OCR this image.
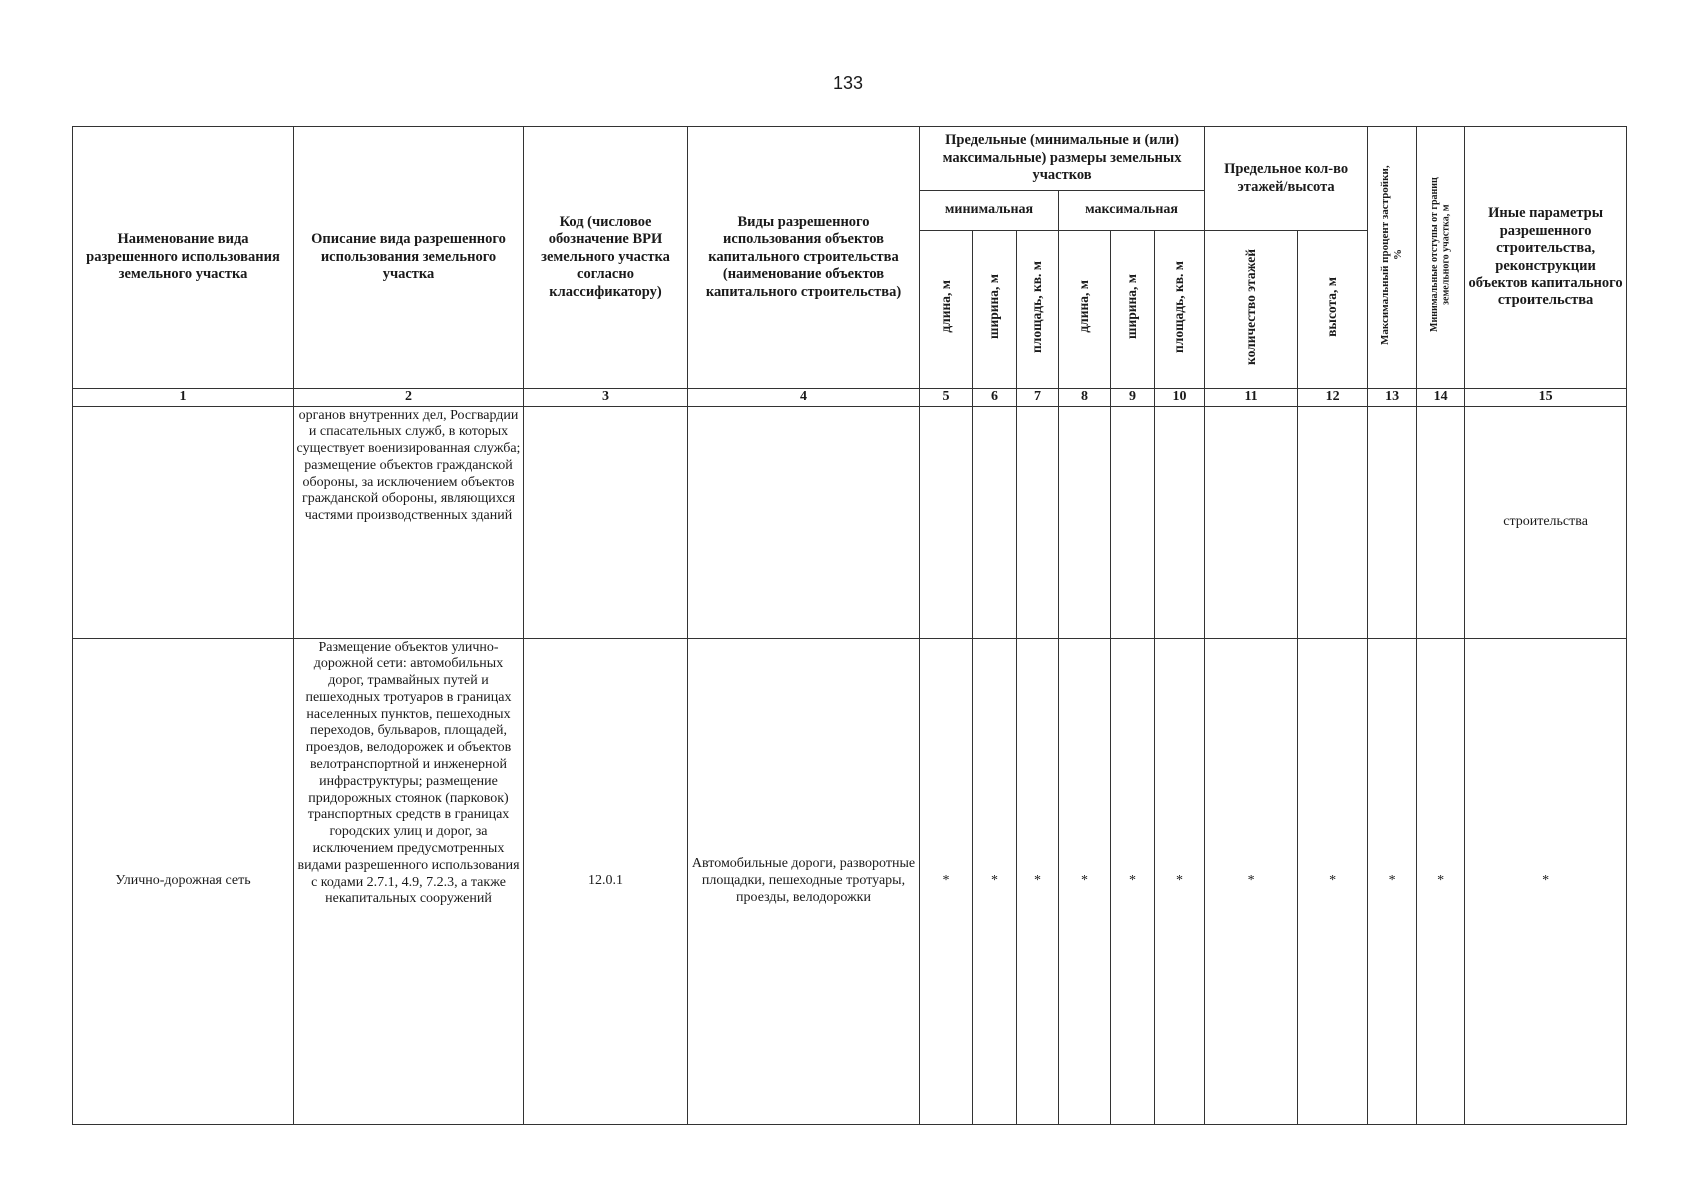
133
Наименование вида разрешенного использования земельного участка	Описание вида разрешенного использования земельного участка	Код (числовое обозначение ВРИ земельного участка согласно классификатору)	Виды разрешенного использования объектов капитального строительства (наименование объектов капитального строительства)	Предельные (минимальные и (или) максимальные) размеры земельных участков						Предельное кол-во этажей/высота		Максимальный процент застройки, %	Минимальные отступы от границ земельного участка, м	Иные параметры разрешенного строительства, реконструкции объектов капитального строительства
				минимальная			максимальная							
				длина, м	ширина, м	площадь, кв. м	длина, м	ширина, м	площадь, кв. м	количество этажей	высота, м			
1	2	3	4	5	6	7	8	9	10	11	12	13	14	15

	органов внутренних дел, Росгвардии и спасательных служб, в которых существует военизированная служба; размещение объектов гражданской обороны, за исключением объектов гражданской обороны, являющихся частями производственных зданий													строительства
Улично-дорожная сеть	Размещение объектов улично-дорожной сети: автомобильных дорог, трамвайных путей и пешеходных тротуаров в границах населенных пунктов, пешеходных переходов, бульваров, площадей, проездов, велодорожек и объектов велотранспортной и инженерной инфраструктуры; размещение придорожных стоянок (парковок) транспортных средств в границах городских улиц и дорог, за исключением предусмотренных видами разрешенного использования с кодами 2.7.1, 4.9, 7.2.3, а также некапитальных сооружений	12.0.1	Автомобильные дороги, разворотные площадки, пешеходные тротуары, проезды, велодорожки	*	*	*	*	*	*	*	*	*	*	*
